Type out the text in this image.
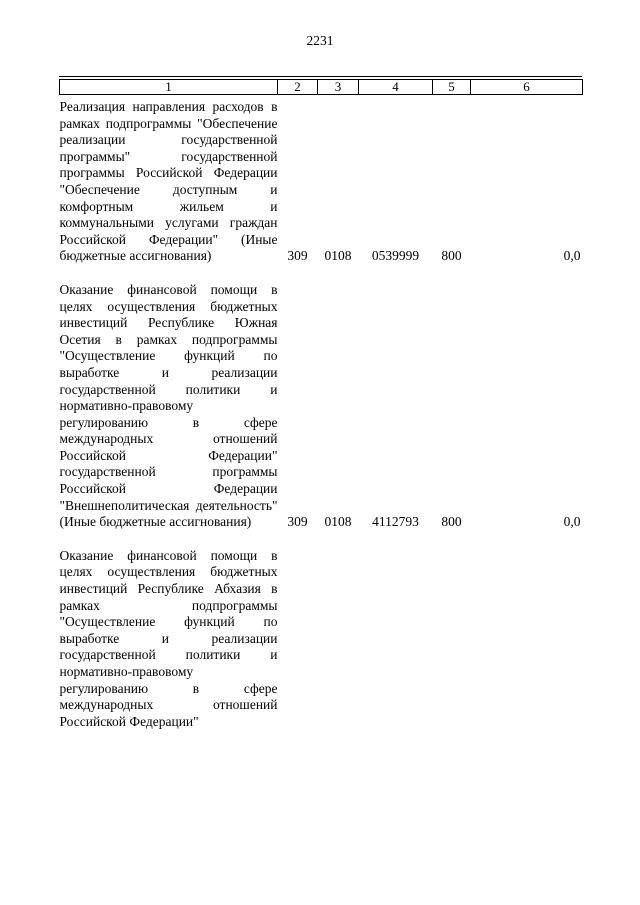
2231
1	2	3	4	5	6
Реализация направления расходов в рамках подпрограммы "Обеспечение реализации государственной программы" государственной программы Российской Федерации "Обеспечение доступным и комфортным жильем и коммунальными услугами граждан Российской Федерации" (Иные бюджетные ассигнования)	309	0108	0539999	800	0,0
Оказание финансовой помощи в целях осуществления бюджетных инвестиций Республике Южная Осетия в рамках подпрограммы "Осуществление функций по выработке и реализации государственной политики и нормативно-правовому регулированию в сфере международных отношений Российской Федерации" государственной программы Российской Федерации "Внешнеполитическая деятельность" (Иные бюджетные ассигнования)	309	0108	4112793	800	0,0
Оказание финансовой помощи в целях осуществления бюджетных инвестиций Республике Абхазия в рамках подпрограммы "Осуществление функций по выработке и реализации государственной политики и нормативно-правовому регулированию в сфере международных отношений Российской Федерации"					
